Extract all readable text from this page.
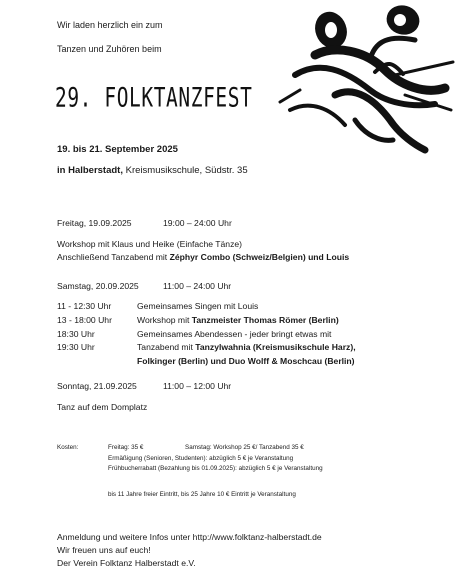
Wir laden herzlich ein zum
Tanzen und Zuhören beim
29. FOLKTANZFEST
19. bis 21. September 2025
in Halberstadt, Kreismusikschule, Südstr. 35
Freitag, 19.09.2025	19:00 – 24:00 Uhr
Workshop mit Klaus und Heike (Einfache Tänze)
Anschließend Tanzabend mit Zéphyr Combo (Schweiz/Belgien) und Louis
Samstag, 20.09.2025	11:00 – 24:00 Uhr
11 - 12:30 Uhr	Gemeinsames Singen mit Louis
13 - 18:00 Uhr	Workshop mit Tanzmeister Thomas Römer (Berlin)
18:30 Uhr	Gemeinsames Abendessen - jeder bringt etwas mit
19:30 Uhr	Tanzabend mit Tanzylwahnia (Kreismusikschule Harz),
Folkinger (Berlin) und Duo Wolff & Moschcau (Berlin)
Sonntag, 21.09.2025	11:00 – 12:00 Uhr
Tanz auf dem Domplatz
Kosten:	Freitag: 35 €	Samstag: Workshop 25 €/ Tanzabend 35 €
Ermäßigung (Senioren, Studenten): abzüglich 5 € je Veranstaltung
Frühbucherrabatt (Bezahlung bis 01.09.2025): abzüglich 5 € je Veranstaltung
bis 11 Jahre freier Eintritt, bis 25 Jahre 10 € Eintritt je Veranstaltung
Anmeldung und weitere Infos unter http://www.folktanz-halberstadt.de
Wir freuen uns auf euch!
Der Verein Folktanz Halberstadt e.V.
